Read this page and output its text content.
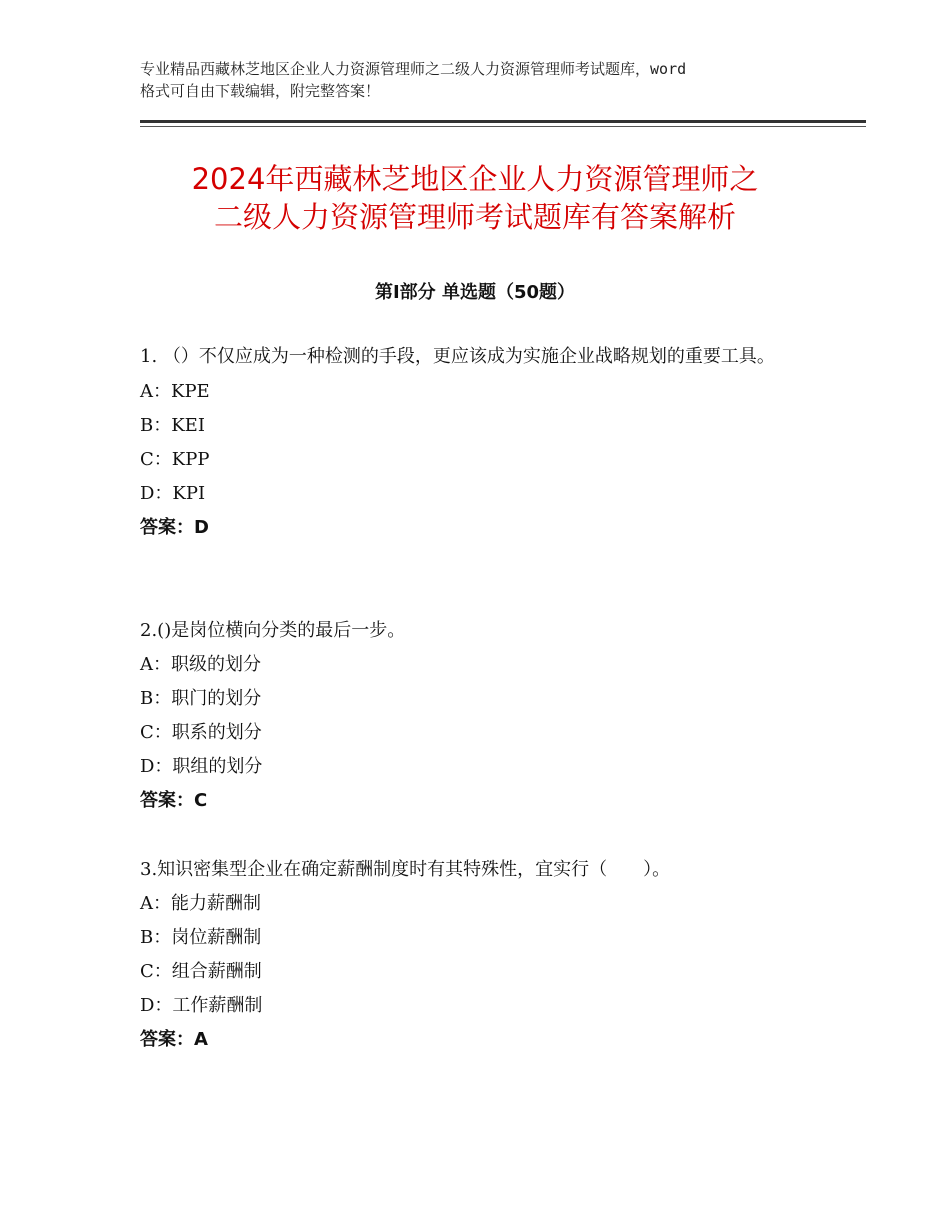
专业精品西藏林芝地区企业人力资源管理师之二级人力资源管理师考试题库，word
格式可自由下载编辑，附完整答案！
2024年西藏林芝地区企业人力资源管理师之
二级人力资源管理师考试题库有答案解析
第Ⅰ部分 单选题（50题）
1. （）不仅应成为一种检测的手段，更应该成为实施企业战略规划的重要工具。
A：KPE
B：KEI
C：KPP
D：KPI
答案：D
2.()是岗位横向分类的最后一步。
A：职级的划分
B：职门的划分
C：职系的划分
D：职组的划分
答案：C
3.知识密集型企业在确定薪酬制度时有其特殊性，宜实行（　　）。
A：能力薪酬制
B：岗位薪酬制
C：组合薪酬制
D：工作薪酬制
答案：A
